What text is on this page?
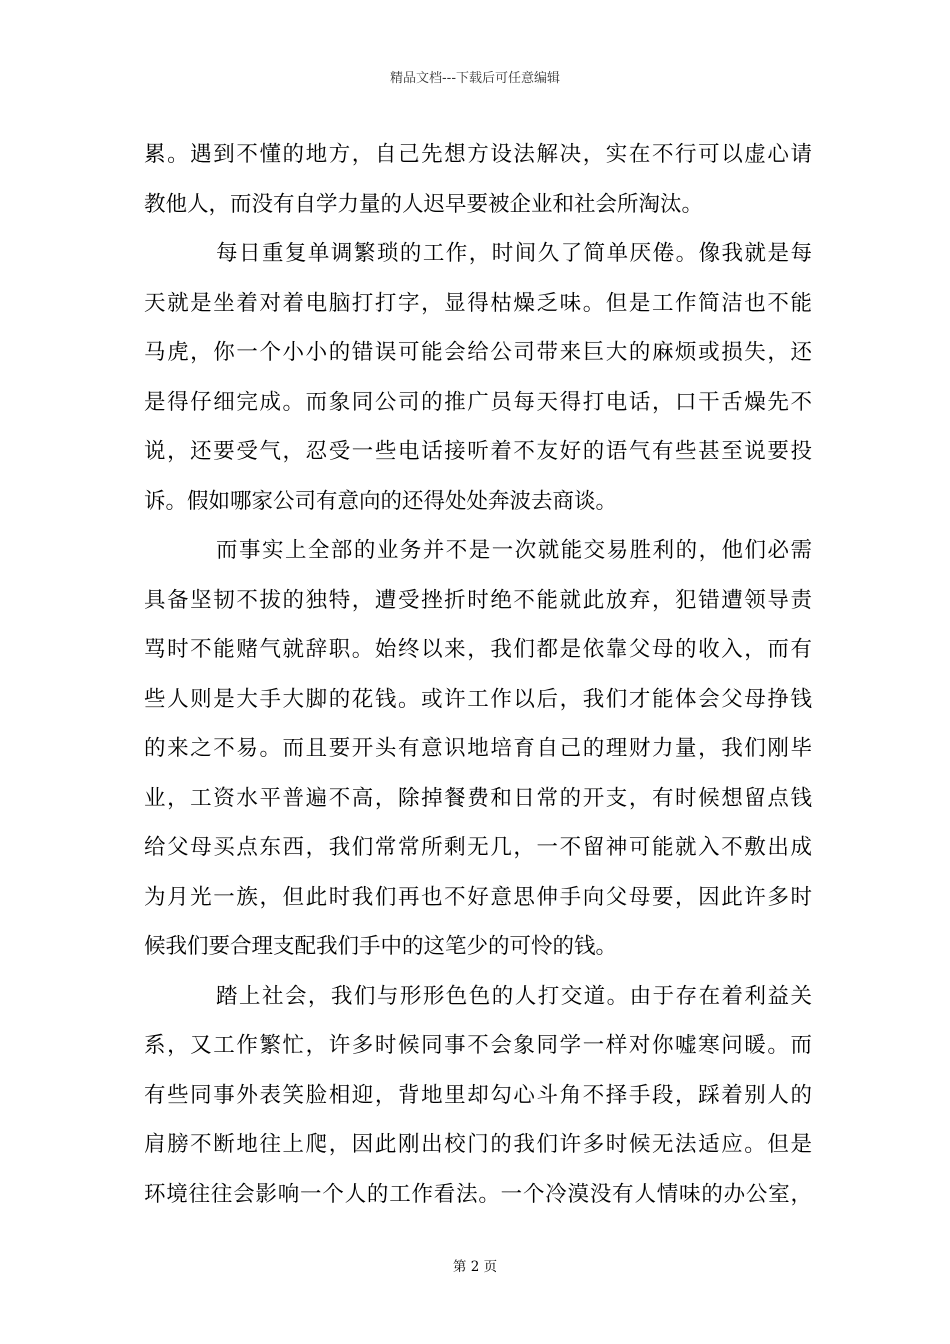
精品文档---下载后可任意编辑
累。遇到不懂的地方，自己先想方设法解决，实在不行可以虚心请
教他人，而没有自学力量的人迟早要被企业和社会所淘汰。
每日重复单调繁琐的工作，时间久了简单厌倦。像我就是每
天就是坐着对着电脑打打字，显得枯燥乏味。但是工作简洁也不能
马虎，你一个小小的错误可能会给公司带来巨大的麻烦或损失，还
是得仔细完成。而象同公司的推广员每天得打电话，口干舌燥先不
说，还要受气，忍受一些电话接听着不友好的语气有些甚至说要投
诉。假如哪家公司有意向的还得处处奔波去商谈。
而事实上全部的业务并不是一次就能交易胜利的，他们必需
具备坚韧不拔的独特，遭受挫折时绝不能就此放弃，犯错遭领导责
骂时不能赌气就辞职。始终以来，我们都是依靠父母的收入，而有
些人则是大手大脚的花钱。或许工作以后，我们才能体会父母挣钱
的来之不易。而且要开头有意识地培育自己的理财力量，我们刚毕
业，工资水平普遍不高，除掉餐费和日常的开支，有时候想留点钱
给父母买点东西，我们常常所剩无几，一不留神可能就入不敷出成
为月光一族，但此时我们再也不好意思伸手向父母要，因此许多时
候我们要合理支配我们手中的这笔少的可怜的钱。
踏上社会，我们与形形色色的人打交道。由于存在着利益关
系，又工作繁忙，许多时候同事不会象同学一样对你嘘寒问暖。而
有些同事外表笑脸相迎，背地里却勾心斗角不择手段，踩着别人的
肩膀不断地往上爬，因此刚出校门的我们许多时候无法适应。但是
环境往往会影响一个人的工作看法。一个冷漠没有人情味的办公室，
第 2 页
